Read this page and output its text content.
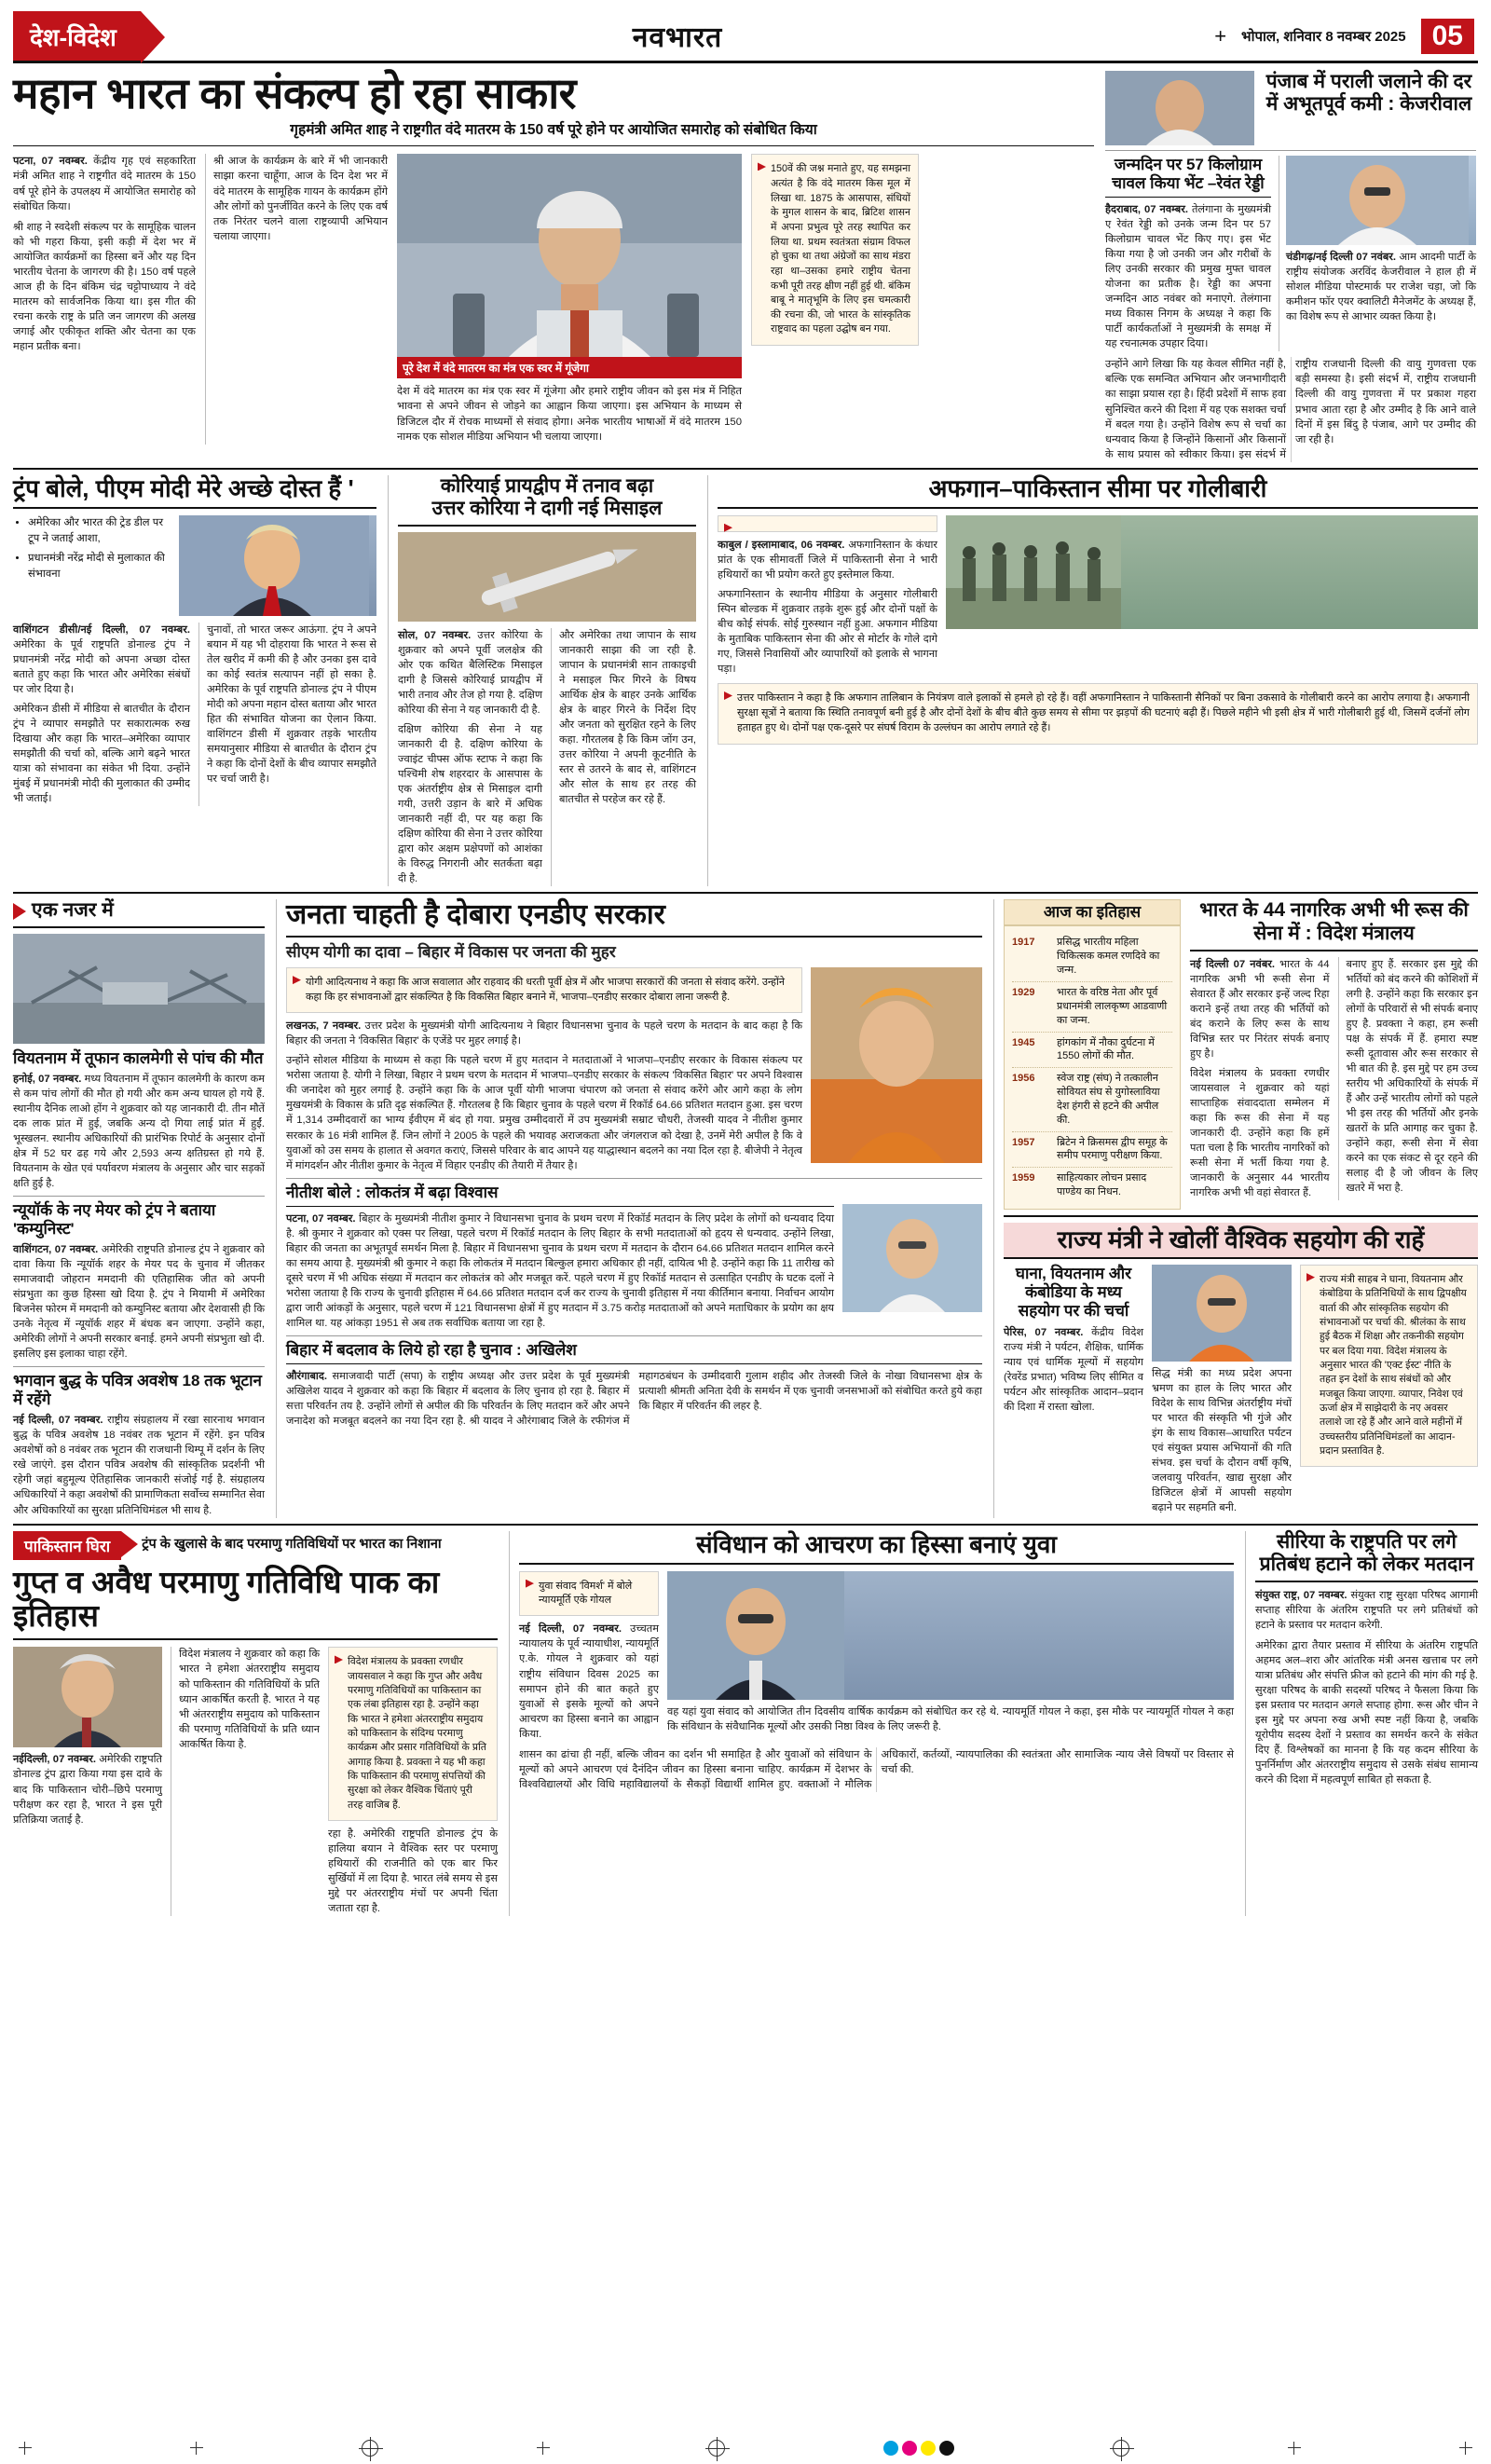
देश-विदेश	नवभारत	+ भोपाल, शनिवार 8 नवम्बर 2025 05
महान भारत का संकल्प हो रहा साकार
गृहमंत्री अमित शाह ने राष्ट्रगीत वंदे मातरम के 150 वर्ष पूरे होने पर आयोजित समारोह को संबोधित किया
पटना, 07 नवम्बर. केंद्रीय गृह एवं सहकारिता मंत्री अमित शाह ने राष्ट्रगीत वंदे मातरम के 150 वर्ष पूरे होने के उपलक्ष्य में आयोजित समारोह को संबोधित किया।
श्री शाह ने स्वदेशी संकल्प पर के सामूहिक चालन को भी गहरा किया, इसी कड़ी में देश भर में आयोजित कार्यक्रमों का हिस्सा बनें और यह दिन भारतीय चेतना के जागरण की है। 150 वर्ष पहले आज ही के दिन बंकिम चंद्र चट्टोपाध्याय ने वंदे मातरम को सार्वजनिक किया था। इस गीत की रचना करके राष्ट्र के प्रति जन जागरण की अलख जगाई और एकीकृत शक्ति और चेतना का एक महान प्रतीक बना।
श्री आज के कार्यक्रम के बारे में भी जानकारी साझा करना चाहूँगा, आज के दिन देश भर में वंदे मातरम के सामूहिक गायन के कार्यक्रम होंगे और लोगों को पुनर्जीवित करने के लिए एक वर्ष तक निरंतर चलने वाला राष्ट्रव्यापी अभियान चलाया जाएगा।
पूरे देश में वंदे मातरम का मंत्र एक स्वर में गूंजेगा
देश में वंदे मातरम का मंत्र एक स्वर में गूंजेगा और हमारे राष्ट्रीय जीवन को इस मंत्र में निहित भावना से अपने जीवन से जोड़ने का आह्वान किया जाएगा। इस अभियान के माध्यम से डिजिटल दौर में रोचक माध्यमों से संवाद होगा। अनेक भारतीय भाषाओं में वंदे मातरम 150 नामक एक सोशल मीडिया अभियान भी चलाया जाएगा।
150वें की जश्न मनाते हुए, यह समझना अत्यंत है कि वंदे मातरम किस मूल में लिखा था. 1875 के आसपास, संधियों के मुगल शासन के बाद, ब्रिटिश शासन में अपना प्रभुत्व पूरे तरह स्थापित कर लिया था. प्रथम स्वतंत्रता संग्राम विफल हो चुका था तथा अंग्रेजों का साथ मंडरा रहा था–उसका हमारे राष्ट्रीय चेतना कभी पूरी तरह क्षीण नहीं हुई थी. बंकिम बाबू ने मातृभूमि के लिए इस चमत्कारी की रचना की, जो भारत के सांस्कृतिक राष्ट्रवाद का पहला उद्घोष बन गया.
पंजाब में पराली जलाने की दर में अभूतपूर्व कमी : केजरीवाल
जन्मदिन पर 57 किलोग्राम चावल किया भेंट –रेवंत रेड्डी
हैदराबाद, 07 नवम्बर. तेलंगाना के मुख्यमंत्री ए रेवंत रेड्डी को उनके जन्म दिन पर 57 किलोग्राम चावल भेंट किए गए। इस भेंट किया गया है जो उनकी जन और गरीबों के लिए उनकी सरकार की प्रमुख मुफ्त चावल योजना का प्रतीक है। रेड्डी का अपना जन्मदिन आठ नवंबर को मनाएगे. तेलंगाना मध्य विकास निगम के अध्यक्ष ने कहा कि पार्टी कार्यकर्ताओं ने मुख्यमंत्री के समक्ष में यह रचनात्मक उपहार दिया।
चंडीगढ़/नई दिल्ली 07 नवंबर. आम आदमी पार्टी के राष्ट्रीय संयोजक अरविंद केजरीवाल ने हाल ही में सोशल मीडिया पोस्टमार्क पर राजेश चड़ा, जो कि कमीशन फॉर एयर क्वालिटी मैनेजमेंट के अध्यक्ष हैं, का विशेष रूप से आभार व्यक्त किया है।
उन्होंने आगे लिखा कि यह केवल सीमित नहीं है, बल्कि एक समन्वित अभियान और जनभागीदारी का साझा प्रयास रहा है। हिंदी प्रदेशों में साफ हवा सुनिश्चित करने की दिशा में यह एक सशक्त चर्चा में बदल गया है। उन्होंने विशेष रूप से चर्चा का धन्यवाद किया है जिन्होंने किसानों और किसानों के साथ प्रयास को स्वीकार किया। इस संदर्भ में राष्ट्रीय राजधानी दिल्ली की वायु गुणवत्ता एक बड़ी समस्या है। इसी संदर्भ में, राष्ट्रीय राजधानी दिल्ली की वायु गुणवत्ता में पर प्रकाश गहरा प्रभाव आता रहा है और उम्मीद है कि आने वाले दिनों में इस बिंदु है पंजाब, आगे पर उम्मीद की जा रही है।
ट्रंप बोले, पीएम मोदी मेरे अच्छे दोस्त हैं '
• अमेरिका और भारत की ट्रेड डील पर टूप ने जताई आशा,
• प्रधानमंत्री नरेंद्र मोदी से मुलाकात की संभावना
वाशिंगटन डीसी/नई दिल्ली, 07 नवम्बर. अमेरिका के पूर्व राष्ट्रपति डोनाल्ड ट्रंप ने प्रधानमंत्री नरेंद्र मोदी को अपना अच्छा दोस्त बताते हुए कहा कि भारत और अमेरिका संबंधों पर जोर दिया है।
अमेरिकन डीसी में मीडिया से बातचीत के दौरान ट्रंप ने व्यापार समझौते पर सकारात्मक रुख दिखाया और कहा कि भारत–अमेरिका व्यापार समझौती की चर्चा को, बल्कि आगे बढ़ने भारत यात्रा को संभावना का संकेत भी दिया. उन्होंने मुंबई में प्रधानमंत्री मोदी की मुलाकात की उम्मीद भी जताई।
चुनावों, तो भारत जरूर आऊंगा. ट्रंप ने अपने बयान में यह भी दोहराया कि भारत ने रूस से तेल खरीद में कमी की है और उनका इस दावे का कोई स्वतंत्र सत्यापन नहीं हो सका है. अमेरिका के पूर्व राष्ट्रपति डोनाल्ड ट्रंप ने पीएम मोदी को अपना महान दोस्त बताया और भारत हित की संभावित योजना का ऐलान किया. वाशिंगटन डीसी में शुक्रवार तड़के भारतीय समयानुसार मीडिया से बातचीत के दौरान ट्रंप ने कहा कि दोनों देशों के बीच व्यापार समझौते पर चर्चा जारी है।
कोरियाई प्रायद्वीप में तनाव बढ़ा
उत्तर कोरिया ने दागी नई मिसाइल
सोल, 07 नवम्बर. उत्तर कोरिया के शुक्रवार को अपने पूर्वी जलक्षेत्र की ओर एक कथित बैलिस्टिक मिसाइल दागी है जिससे कोरियाई प्रायद्वीप में भारी तनाव और तेज हो गया है. दक्षिण कोरिया की सेना ने यह जानकारी दी है.
दक्षिण कोरिया की सेना ने यह जानकारी दी है. दक्षिण कोरिया के ज्वाइंट चीफ्स ऑफ स्टाफ ने कहा कि पश्चिमी शेष शहरदार के आसपास के एक अंतर्राष्ट्रीय क्षेत्र से मिसाइल दागी गयी, उत्तरी उड़ान के बारे में अधिक जानकारी नहीं दी, पर यह कहा कि दक्षिण कोरिया की सेना ने उत्तर कोरिया द्वारा कोर अक्षम प्रक्षेपणों को आशंका के विरुद्ध निगरानी और सतर्कता बढ़ा दी है.
और अमेरिका तथा जापान के साथ जानकारी साझा की जा रही है. जापान के प्रधानमंत्री सान ताकाइची ने मसाइल फिर गिरने के विषय आर्थिक क्षेत्र के बाहर उनके आर्थिक क्षेत्र के बाहर गिरने के निर्देश दिए और जनता को सुरक्षित रहने के लिए कहा. गौरतलब है कि किम जोंग उन, उत्तर कोरिया ने अपनी कूटनीति के स्तर से उतरने के बाद से, वाशिंगटन और सोल के साथ हर तरह की बातचीत से परहेज कर रहे हैं.
अफगान–पाकिस्तान सीमा पर गोलीबारी
काबुल / इस्लामाबाद, 06 नवम्बर. अफगानिस्तान के कंधार प्रांत के एक सीमावर्ती जिले में पाकिस्तानी सेना ने भारी हथियारों का भी प्रयोग करते हुए इस्तेमाल किया.
अफगानिस्तान के स्थानीय मीडिया के अनुसार गोलीबारी स्पिन बोल्डक में शुक्रवार तड़के शुरू हुई और दोनों पक्षों के बीच कोई संपर्क. सोई गुरुस्थान नहीं हुआ. अफगान मीडिया के मुताबिक पाकिस्तान सेना की ओर से मोर्टार के गोले दागे गए, जिससे निवासियों और व्यापारियों को इलाके से भागना पड़ा।
उत्तर पाकिस्तान ने कहा है कि अफगान तालिबान के नियंत्रण वाले इलाकों से हमले हो रहे हैं। वहीं अफगानिस्तान ने पाकिस्तानी सैनिकों पर बिना उकसावे के गोलीबारी करने का आरोप लगाया है। अफगानी सुरक्षा सूत्रों ने बताया कि स्थिति तनावपूर्ण बनी हुई है और दोनों देशों के बीच बीते कुछ समय से सीमा पर झड़पों की घटनाएं बढ़ी हैं। पिछले महीने भी इसी क्षेत्र में भारी गोलीबारी हुई थी, जिसमें दर्जनों लोग हताहत हुए थे। दोनों पक्ष एक-दूसरे पर संघर्ष विराम के उल्लंघन का आरोप लगाते रहे हैं।
एक नजर में
वियतनाम में तूफान कालमेगी से पांच की मौत
हनोई, 07 नवम्बर. मध्य वियतनाम में तूफान कालमेगी के कारण कम से कम पांच लोगों की मौत हो गयी और कम अन्य घायल हो गये हैं. स्थानीय दैनिक लाओ होंग ने शुक्रवार को यह जानकारी दी. तीन मौतें दक लाक प्रांत में हुई, जबकि अन्य दो गिया लाई प्रांत में हुईं. भूस्खलन. स्थानीय अधिकारियों की प्रारंभिक रिपोर्ट के अनुसार दोनों क्षेत्र में 52 घर ढह गये और 2,593 अन्य क्षतिग्रस्त हो गये हैं. वियतनाम के खेत एवं पर्यावरण मंत्रालय के अनुसार और चार सड़कों क्षति हुई है.
न्यूयॉर्क के नए मेयर को ट्रंप ने बताया 'कम्युनिस्ट'
वाशिंगटन, 07 नवम्बर. अमेरिकी राष्ट्रपति डोनाल्ड ट्रंप ने शुक्रवार को दावा किया कि न्यूयॉर्क शहर के मेयर पद के चुनाव में जीतकर समाजवादी जोहरान ममदानी की एतिहासिक जीत को अपनी संप्रभुता का कुछ हिस्सा खो दिया है. ट्रंप ने मियामी में अमेरिका बिजनेस फोरम में ममदानी को कम्युनिस्ट बताया और देशवासी ही कि उनके नेतृत्व में न्यूयॉर्क शहर में बंधक बन जाएगा. उन्होंने कहा, अमेरिकी लोगों ने अपनी सरकार बनाई. हमने अपनी संप्रभुता खो दी. इसलिए इस इलाका चाहा रहेंगे.
भगवान बुद्ध के पवित्र अवशेष 18 तक भूटान में रहेंगे
नई दिल्ली, 07 नवम्बर. राष्ट्रीय संग्रहालय में रखा सारनाथ भगवान बुद्ध के पवित्र अवशेष 18 नवंबर तक भूटान में रहेंगे. इन पवित्र अवशेषों को 8 नवंबर तक भूटान की राजधानी थिम्पू में दर्शन के लिए रखे जाएंगे. इस दौरान पवित्र अवशेष की सांस्कृतिक प्रदर्शनी भी रहेगी जहां बहुमूल्य ऐतिहासिक जानकारी संजोई गई है. संग्रहालय अधिकारियों ने कहा अवशेषों की प्रामाणिकता सर्वोच्च सम्मानित सेवा और अधिकारियों का सुरक्षा प्रतिनिधिमंडल भी साथ है.
जनता चाहती है दोबारा एनडीए सरकार
सीएम योगी का दावा – बिहार में विकास पर जनता की मुहर
योगी आदित्यनाथ ने कहा कि आज सवालात और राहवाद की धरती पूर्वी क्षेत्र में और भाजपा सरकारों की जनता से संवाद करेंगे. उन्होंने कहा कि हर संभावनाओं द्वार संकल्पित है कि विकसित बिहार बनाने में, भाजपा–एनडीए सरकार दोबारा लाना जरूरी है.
लखनऊ, 7 नवम्बर. उत्तर प्रदेश के मुख्यमंत्री योगी आदित्यनाथ ने बिहार विधानसभा चुनाव के पहले चरण के मतदान के बाद कहा है कि बिहार की जनता ने 'विकसित बिहार' के एजेंडे पर मुहर लगाई है।
उन्होंने सोशल मीडिया के माध्यम से कहा कि पहले चरण में हुए मतदान ने मतदाताओं ने भाजपा–एनडीए सरकार के विकास संकल्प पर भरोसा जताया है. योगी ने लिखा, बिहार ने प्रथम चरण के मतदान में भाजपा–एनडीए सरकार के संकल्प 'विकसित बिहार' पर अपने विश्वास की जनादेश को मुहर लगाई है. उन्होंने कहा कि के आज पूर्वी योगी भाजपा चंपारण को जनता से संवाद करेंगे और आगे कहा के लोग मुखयमंत्री के विकास के प्रति दृढ़ संकल्पित हैं. गौरतलब है कि बिहार चुनाव के पहले चरण में रिकॉर्ड 64.66 प्रतिशत मतदान हुआ. इस चरण में 1,314 उम्मीदवारों का भाग्य ईवीएम में बंद हो गया. प्रमुख उम्मीदवारों में उप मुख्यमंत्री सम्राट चौधरी, तेजस्वी यादव ने नीतीश कुमार सरकार के 16 मंत्री शामिल हैं. जिन लोगों ने 2005 के पहले की भयावह अराजकता और जंगलराज को देखा है, उनमें मेरी अपील है कि वे युवाओं को उस समय के हालात से अवगत कराएं, जिससे परिवार के बाद आपने यह याद्धास्थान बदलने का नया दिल रहा है. बीजेपी ने नेतृत्व में मांगदर्शन और नीतीश कुमार के नेतृत्व में विहार एनडीए की तैयारी में तैयार है।
नीतीश बोले : लोकतंत्र में बढ़ा विश्वास
पटना, 07 नवम्बर. बिहार के मुख्यमंत्री नीतीश कुमार ने विधानसभा चुनाव के प्रथम चरण में रिकॉर्ड मतदान के लिए प्रदेश के लोगों को धन्यवाद दिया है. श्री कुमार ने शुक्रवार को एक्स पर लिखा, पहले चरण में रिकॉर्ड मतदान के लिए बिहार के सभी मतदाताओं को हृदय से धन्यवाद. उन्होंने लिखा, बिहार की जनता का अभूतपूर्व समर्थन मिला है. बिहार में विधानसभा चुनाव के प्रथम चरण में मतदान के दौरान 64.66 प्रतिशत मतदान शामिल करने का समय आया है. मुख्यमंत्री श्री कुमार ने कहा कि लोकतंत्र में मतदान बिल्कुल हमारा अधिकार ही नहीं, दायित्व भी है. उन्होंने कहा कि 11 तारीख को दूसरे चरण में भी अधिक संख्या में मतदान कर लोकतंत्र को और मजबूत करें. पहले चरण में हुए रिकॉर्ड मतदान से उत्साहित एनडीए के घटक दलों ने भरोसा जताया है कि राज्य के चुनावी इतिहास में 64.66 प्रतिशत मतदान दर्ज कर राज्य के चुनावी इतिहास में नया कीर्तिमान बनाया. निर्वाचन आयोग द्वारा जारी आंकड़ों के अनुसार, पहले चरण में 121 विधानसभा क्षेत्रों में हुए मतदान में 3.75 करोड़ मतदाताओं को अपने मताधिकार के प्रयोग का क्षय शामिल था. यह आंकड़ा 1951 से अब तक सर्वाधिक बताया जा रहा है.
बिहार में बदलाव के लिये हो रहा है चुनाव : अखिलेश
औरंगाबाद. समाजवादी पार्टी (सपा) के राष्ट्रीय अध्यक्ष और उत्तर प्रदेश के पूर्व मुख्यमंत्री अखिलेश यादव ने शुक्रवार को कहा कि बिहार में बदलाव के लिए चुनाव हो रहा है. बिहार में सत्ता परिवर्तन तय है. उन्होंने लोगों से अपील की कि परिवर्तन के लिए मतदान करें और अपने जनादेश को मजबूत बदलने का नया दिन रहा है. श्री यादव ने औरंगाबाद जिले के रफीगंज में महागठबंधन के उम्मीदवारी गुलाम शहीद और तेजस्वी जिले के नोखा विधानसभा क्षेत्र के प्रत्याशी श्रीमती अनिता देवी के समर्थन में एक चुनावी जनसभाओं को संबोधित करते हुये कहा कि बिहार में परिवर्तन की लहर है.
आज का इतिहास
1917	प्रसिद्ध भारतीय महिला चिकित्सक कमल रणदिवे का जन्म.
1929	भारत के वरिष्ठ नेता और पूर्व प्रधानमंत्री लालकृष्ण आडवाणी का जन्म.
1945	हांगकांग में नौका दुर्घटना में 1550 लोगों की मौत.
1956	स्वेज राष्ट्र (संघ) ने तत्कालीन सोवियत संघ से युगोस्लाविया देश हंगरी से हटने की अपील की.
1957	ब्रिटेन ने क्रिसमस द्वीप समूह के समीप परमाणु परीक्षण किया.
1959	साहित्यकार लोचन प्रसाद पाण्डेय का निधन.
भारत के 44 नागरिक अभी भी रूस की सेना में : विदेश मंत्रालय
नई दिल्ली 07 नवंबर. भारत के 44 नागरिक अभी भी रूसी सेना में सेवारत हैं और सरकार इन्हें जल्द रिहा कराने इन्हें तथा तरह की भर्तियों को बंद कराने के लिए रूस के साथ विभिन्न स्तर पर निरंतर संपर्क बनाए हुए है।
विदेश मंत्रालय के प्रवक्ता रणधीर जायसवाल ने शुक्रवार को यहां साप्ताहिक संवाददाता सम्मेलन में कहा कि रूस की सेना में यह जानकारी दी. उन्होंने कहा कि हमें पता चला है कि भारतीय नागरिकों को रूसी सेना में भर्ती किया गया है. जानकारी के अनुसार 44 भारतीय नागरिक अभी भी वहां सेवारत हैं.
बनाए हुए हैं. सरकार इस मुद्दे की भर्तियों को बंद करने की कोशिशों में लगी है. उन्होंने कहा कि सरकार इन लोगों के परिवारों से भी संपर्क बनाए हुए है. प्रवक्ता ने कहा, हम रूसी पक्ष के संपर्क में हैं. हमारा स्पष्ट रूसी दूतावास और रूस सरकार से भी बात की है. इस मुद्दे पर हम उच्च स्तरीय भी अधिकारियों के संपर्क में हैं और उन्हें भारतीय लोगों को पहले भी इस तरह की भर्तियों और इनके खतरों के प्रति आगाह कर चुका है. उन्होंने कहा, रूसी सेना में सेवा करने का एक संकट से दूर रहने की सलाह दी है जो जीवन के लिए खतरे में भरा है.
राज्य मंत्री ने खोलीं वैश्विक सहयोग की राहें
घाना, वियतनाम और कंबोडिया के मध्य सहयोग पर की चर्चा
पेरिस, 07 नवम्बर. केंद्रीय विदेश राज्य मंत्री ने पर्यटन, शैक्षिक, धार्मिक न्याय एवं धार्मिक मूल्यों में सहयोग (रेवरेंड प्रभात) भविष्य लिए सीमित व पर्यटन और सांस्कृतिक आदान–प्रदान की दिशा में रास्ता खोला.
सिद्ध मंत्री का मध्य प्रदेश अपना भ्रमण का हाल के लिए भारत और विदेश के साथ विभिन्न अंतर्राष्ट्रीय मंचों पर भारत की संस्कृति भी गुंजे और इंग के साथ विकास–आधारित पर्यटन एवं संयुक्त प्रयास अभियानों की गति संभव. इस चर्चा के दौरान वर्षी कृषि, जलवायु परिवर्तन, खाद्य सुरक्षा और डिजिटल क्षेत्रों में आपसी सहयोग बढ़ाने पर सहमति बनी.
राज्य मंत्री साहब ने घाना, वियतनाम और कंबोडिया के प्रतिनिधियों के साथ द्विपक्षीय वार्ता की और सांस्कृतिक सहयोग की संभावनाओं पर चर्चा की. श्रीलंका के साथ हुई बैठक में शिक्षा और तकनीकी सहयोग पर बल दिया गया. विदेश मंत्रालय के अनुसार भारत की 'एक्ट ईस्ट' नीति के तहत इन देशों के साथ संबंधों को और मजबूत किया जाएगा. व्यापार, निवेश एवं ऊर्जा क्षेत्र में साझेदारी के नए अवसर तलाशे जा रहे हैं और आने वाले महीनों में उच्चस्तरीय प्रतिनिधिमंडलों का आदान-प्रदान प्रस्तावित है.
पाकिस्तान घिरा	ट्रंप के खुलासे के बाद परमाणु गतिविधियों पर भारत का निशाना
गुप्त व अवैध परमाणु गतिविधि पाक का इतिहास
नईदिल्ली, 07 नवम्बर. अमेरिकी राष्ट्रपति डोनाल्ड ट्रंप द्वारा किया गया इस दावे के बाद कि पाकिस्तान चोरी–छिपे परमाणु परीक्षण कर रहा है, भारत ने इस पूरी प्रतिक्रिया जताई है.
विदेश मंत्रालय ने शुक्रवार को कहा कि भारत ने हमेशा अंतरराष्ट्रीय समुदाय को पाकिस्तान की गतिविधियों के प्रति ध्यान आकर्षित करती है. भारत ने यह भी अंतरराष्ट्रीय समुदाय को पाकिस्तान की परमाणु गतिविधियों के प्रति ध्यान आकर्षित किया है.
विदेश मंत्रालय के प्रवक्ता रणधीर जायसवाल ने कहा कि गुप्त और अवैध परमाणु गतिविधियों का पाकिस्तान का एक लंबा इतिहास रहा है. उन्होंने कहा कि भारत ने हमेशा अंतरराष्ट्रीय समुदाय को पाकिस्तान के संदिग्ध परमाणु कार्यक्रम और प्रसार गतिविधियों के प्रति आगाह किया है. प्रवक्ता ने यह भी कहा कि पाकिस्तान की परमाणु संपत्तियों की सुरक्षा को लेकर वैश्विक चिंताएं पूरी तरह वाजिब हैं.
रहा है. अमेरिकी राष्ट्रपति डोनाल्ड ट्रंप के हालिया बयान ने वैश्विक स्तर पर परमाणु हथियारों की राजनीति को एक बार फिर सुर्खियों में ला दिया है. भारत लंबे समय से इस मुद्दे पर अंतरराष्ट्रीय मंचों पर अपनी चिंता जताता रहा है.
संविधान को आचरण का हिस्सा बनाएं युवा
युवा संवाद 'विमर्श' में बोले न्यायमूर्ति एके गोयल
नई दिल्ली, 07 नवम्बर. उच्चतम न्यायालय के पूर्व न्यायाधीश, न्यायमूर्ति ए.के. गोयल ने शुक्रवार को यहां राष्ट्रीय संविधान दिवस 2025 का समापन होने की बात कहते हुए युवाओं से इसके मूल्यों को अपने आचरण का हिस्सा बनाने का आह्वान किया.
वह यहां युवा संवाद को आयोजित तीन दिवसीय वार्षिक कार्यक्रम को संबोधित कर रहे थे. न्यायमूर्ति गोयल ने कहा, इस मौके पर न्यायमूर्ति गोयल ने कहा कि संविधान के संवैधानिक मूल्यों और उसकी निष्ठा विश्व के लिए जरूरी है.
शासन का ढांचा ही नहीं, बल्कि जीवन का दर्शन भी समाहित है और युवाओं को संविधान के मूल्यों को अपने आचरण एवं दैनंदिन जीवन का हिस्सा बनाना चाहिए. कार्यक्रम में देशभर के विश्वविद्यालयों और विधि महाविद्यालयों के सैकड़ों विद्यार्थी शामिल हुए. वक्ताओं ने मौलिक अधिकारों, कर्तव्यों, न्यायपालिका की स्वतंत्रता और सामाजिक न्याय जैसे विषयों पर विस्तार से चर्चा की.
सीरिया के राष्ट्रपति पर लगे प्रतिबंध हटाने को लेकर मतदान
संयुक्त राष्ट्र, 07 नवम्बर. संयुक्त राष्ट्र सुरक्षा परिषद आगामी सप्ताह सीरिया के अंतरिम राष्ट्रपति पर लगे प्रतिबंधों को हटाने के प्रस्ताव पर मतदान करेगी.
अमेरिका द्वारा तैयार प्रस्ताव में सीरिया के अंतरिम राष्ट्रपति अहमद अल–शरा और आंतरिक मंत्री अनस खत्ताब पर लगे यात्रा प्रतिबंध और संपत्ति फ्रीज को हटाने की मांग की गई है. सुरक्षा परिषद के बाकी सदस्यों परिषद ने फैसला किया कि इस प्रस्ताव पर मतदान अगले सप्ताह होगा. रूस और चीन ने इस मुद्दे पर अपना रुख अभी स्पष्ट नहीं किया है, जबकि यूरोपीय सदस्य देशों ने प्रस्ताव का समर्थन करने के संकेत दिए हैं. विश्लेषकों का मानना है कि यह कदम सीरिया के पुनर्निर्माण और अंतरराष्ट्रीय समुदाय से उसके संबंध सामान्य करने की दिशा में महत्वपूर्ण साबित हो सकता है.
